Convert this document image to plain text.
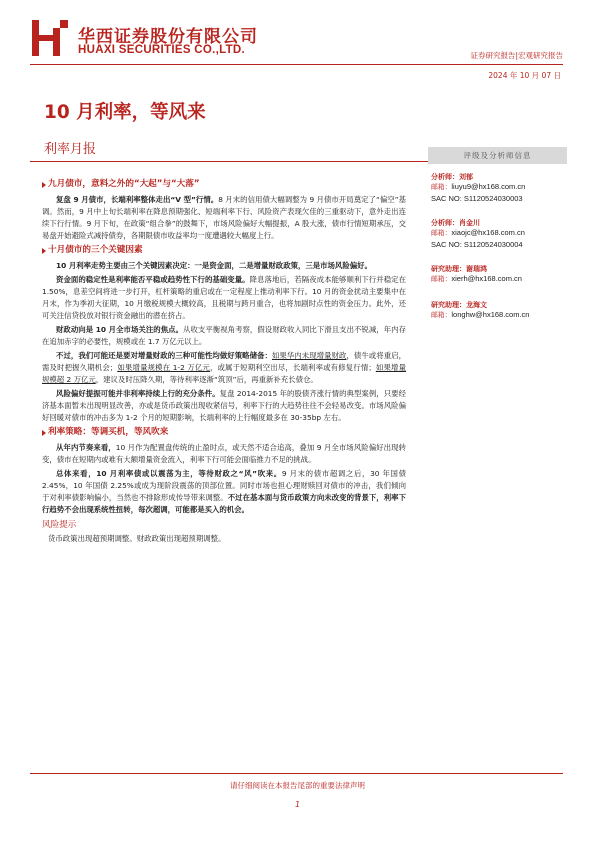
华西证券股份有限公司
HUAXI SECURITIES CO.,LTD.	证券研究报告|宏观研究报告
2024 年 10 月 07 日
10 月利率，等风来
利率月报
九月债市，意料之外的“大起”与“大落”

复盘 9 月债市，长端利率整体走出“V 型”行情。8 月末的信用债大幅调整为 9 月债市开局奠定了“偏空”基调。然而，9 月中上旬长端利率在降息预期强化、短端利率下行、风险资产表现欠佳的三重驱动下，意外走出连续下行行情。9 月下旬，在政策“组合拳”的鼓舞下，市场风险偏好大幅提振，A 股大涨，债市行情短期承压，交易盘开始避险式减持债券，各期限债市收益率均一度遭遇较大幅度上行。

十月债市的三个关键因素

10 月利率走势主要由三个关键因素决定：一是资金面，二是增量财政政策，三是市场风险偏好。

资金面的稳定性是利率能否平稳或趋势性下行的基础变量。降息落地后，若隔夜成本能够顺利下行并稳定在 1.50%，息差空间将进一步打开，杠杆策略的重启或在一定程度上推动利率下行。10 月的资金扰动主要集中在月末，作为季初大征期，10 月缴税规模大概较高，且税期与跨月重合，也将加剧时点性的资金压力。此外，还可关注信贷投放对银行资金融出的潜在挤占。

财政动向是 10 月全市场关注的焦点。从收支平衡视角考察，假设财政收入同比下滑且支出不锐减，年内存在追加赤字的必要性，规模或在 1.7 万亿元以上。

不过，我们可能还是要对增量财政的三种可能性均做好策略储备：如果华内未现增量财政，债牛或将重启，需及时把握久期机会；如果增量规模在 1-2 万亿元，或属于短期利空出尽，长端利率或有修复行情；如果增量规模超 2 万亿元，建议及时压降久期，等待利率逐渐“筑顶”后，再重新补充长债仓。

风险偏好提振可能并非利率持续上行的充分条件。复盘 2014-2015 年的股债齐涨行情的典型案例，只要经济基本面暂未出现明显改善，亦或是货币政策出现收紧信号，利率下行的大趋势往往不会轻易改变。市场风险偏好回暖对债市的冲击多为 1-2 个月的短期影响，长端利率的上行幅度最多在 30-35bp 左右。

利率策略：等调买机，等风吹来

从年内节奏来看，10 月作为配置盘传统的止盈时点，或天然不适合追高，叠加 9 月全市场风险偏好出现转变，债市在短期内或难有大额增量资金流入，利率下行可能会面临推力不足的挑战。

总体来看，10 月利率债或以震荡为主，等待财政之“风”吹来。9 月末的债市超调之后，30 年国债 2.45%，10 年国债 2.25%或成为现阶段震荡的顶部位置。同时市场也担心理财赎回对债市的冲击，我们倾向于对利率债影响偏小，当然也不排除形成传导带来调整。不过在基本面与货币政策方向未改变的背景下，利率下行趋势不会出现系统性扭转，每次超调，可能都是买入的机会。

风险提示
货币政策出现超预期调整。财政政策出现超预期调整。
评级及分析师信息
分析师：刘郁
邮箱：liuyu9@hx168.com.cn
SAC NO: S1120524030003
分析师：肖金川
邮箱：xiaojc@hx168.com.cn
SAC NO: S1120524030004
研究助理：谢瑞鸿
邮箱：xierh@hx168.com.cn
研究助理：龙海文
邮箱：longhw@hx168.com.cn
请仔细阅读在本报告尾部的重要法律声明
1
